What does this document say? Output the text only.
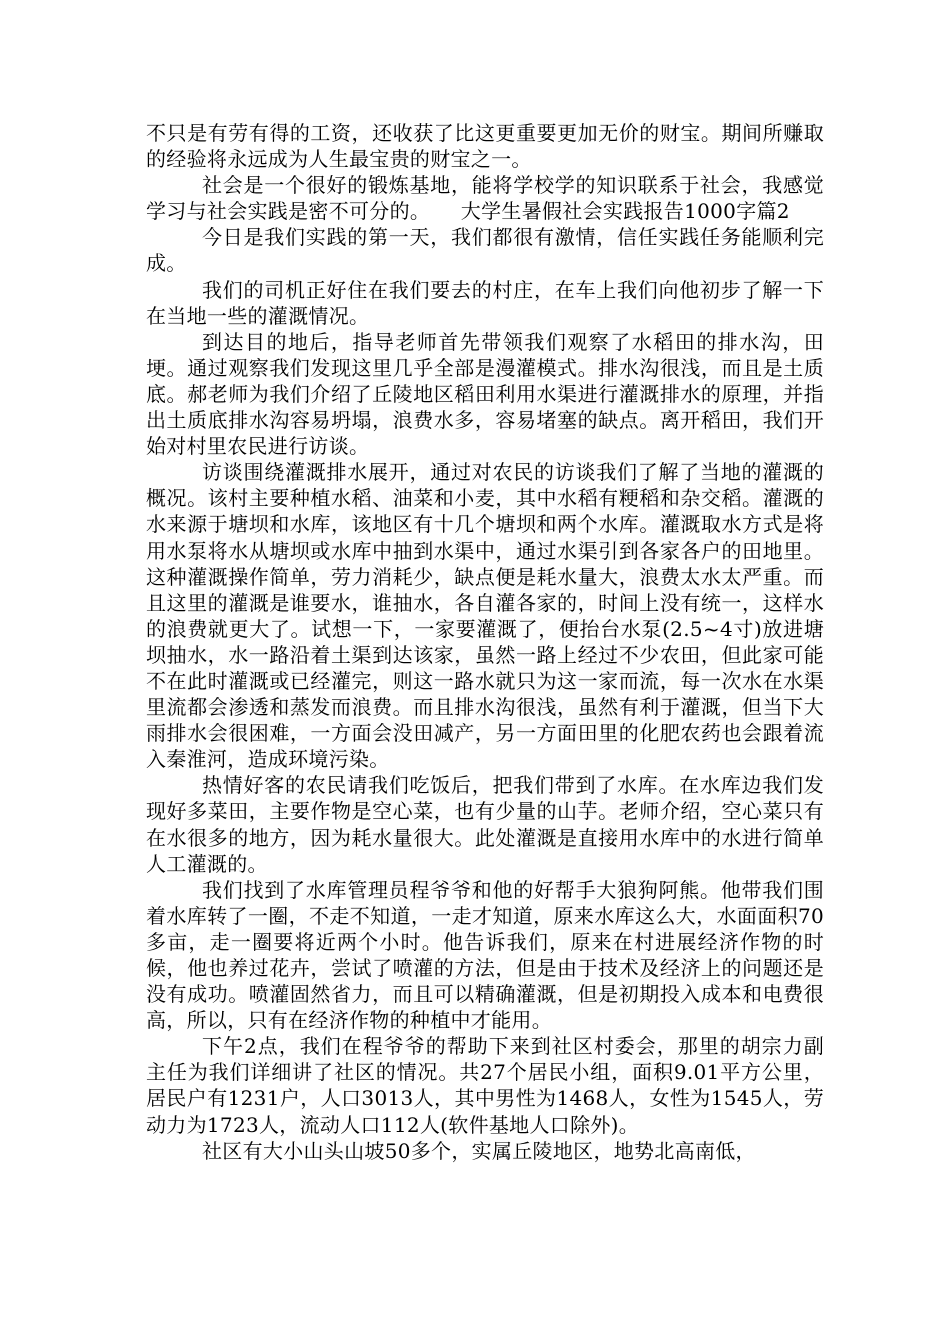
不只是有劳有得的工资，还收获了比这更重要更加无价的财宝。期间所赚取的经验将永远成为人生最宝贵的财宝之一。

社会是一个很好的锻炼基地，能将学校学的知识联系于社会，我感觉学习与社会实践是密不可分的。　　大学生暑假社会实践报告1000字篇2

今日是我们实践的第一天，我们都很有激情，信任实践任务能顺利完成。

我们的司机正好住在我们要去的村庄，在车上我们向他初步了解一下在当地一些的灌溉情况。

到达目的地后，指导老师首先带领我们观察了水稻田的排水沟，田埂。通过观察我们发现这里几乎全部是漫灌模式。排水沟很浅，而且是土质底。郝老师为我们介绍了丘陵地区稻田利用水渠进行灌溉排水的原理，并指出土质底排水沟容易坍塌，浪费水多，容易堵塞的缺点。离开稻田，我们开始对村里农民进行访谈。

访谈围绕灌溉排水展开，通过对农民的访谈我们了解了当地的灌溉的概况。该村主要种植水稻、油菜和小麦，其中水稻有粳稻和杂交稻。灌溉的水来源于塘坝和水库，该地区有十几个塘坝和两个水库。灌溉取水方式是将用水泵将水从塘坝或水库中抽到水渠中，通过水渠引到各家各户的田地里。这种灌溉操作简单，劳力消耗少，缺点便是耗水量大，浪费太水太严重。而且这里的灌溉是谁要水，谁抽水，各自灌各家的，时间上没有统一，这样水的浪费就更大了。试想一下，一家要灌溉了，便抬台水泵(2.5~4寸)放进塘坝抽水，水一路沿着土渠到达该家，虽然一路上经过不少农田，但此家可能不在此时灌溉或已经灌完，则这一路水就只为这一家而流，每一次水在水渠里流都会渗透和蒸发而浪费。而且排水沟很浅，虽然有利于灌溉，但当下大雨排水会很困难，一方面会没田减产，另一方面田里的化肥农药也会跟着流入秦淮河，造成环境污染。

热情好客的农民请我们吃饭后，把我们带到了水库。在水库边我们发现好多菜田，主要作物是空心菜，也有少量的山芋。老师介绍，空心菜只有在水很多的地方，因为耗水量很大。此处灌溉是直接用水库中的水进行简单人工灌溉的。

我们找到了水库管理员程爷爷和他的好帮手大狼狗阿熊。他带我们围着水库转了一圈，不走不知道，一走才知道，原来水库这么大，水面面积70多亩，走一圈要将近两个小时。他告诉我们，原来在村进展经济作物的时候，他也养过花卉，尝试了喷灌的方法，但是由于技术及经济上的问题还是没有成功。喷灌固然省力，而且可以精确灌溉，但是初期投入成本和电费很高，所以，只有在经济作物的种植中才能用。

下午2点，我们在程爷爷的帮助下来到社区村委会，那里的胡宗力副主任为我们详细讲了社区的情况。共27个居民小组，面积9.01平方公里，居民户有1231户，人口3013人，其中男性为1468人，女性为1545人，劳动力为1723人，流动人口112人(软件基地人口除外)。

社区有大小山头山坡50多个，实属丘陵地区，地势北高南低，
